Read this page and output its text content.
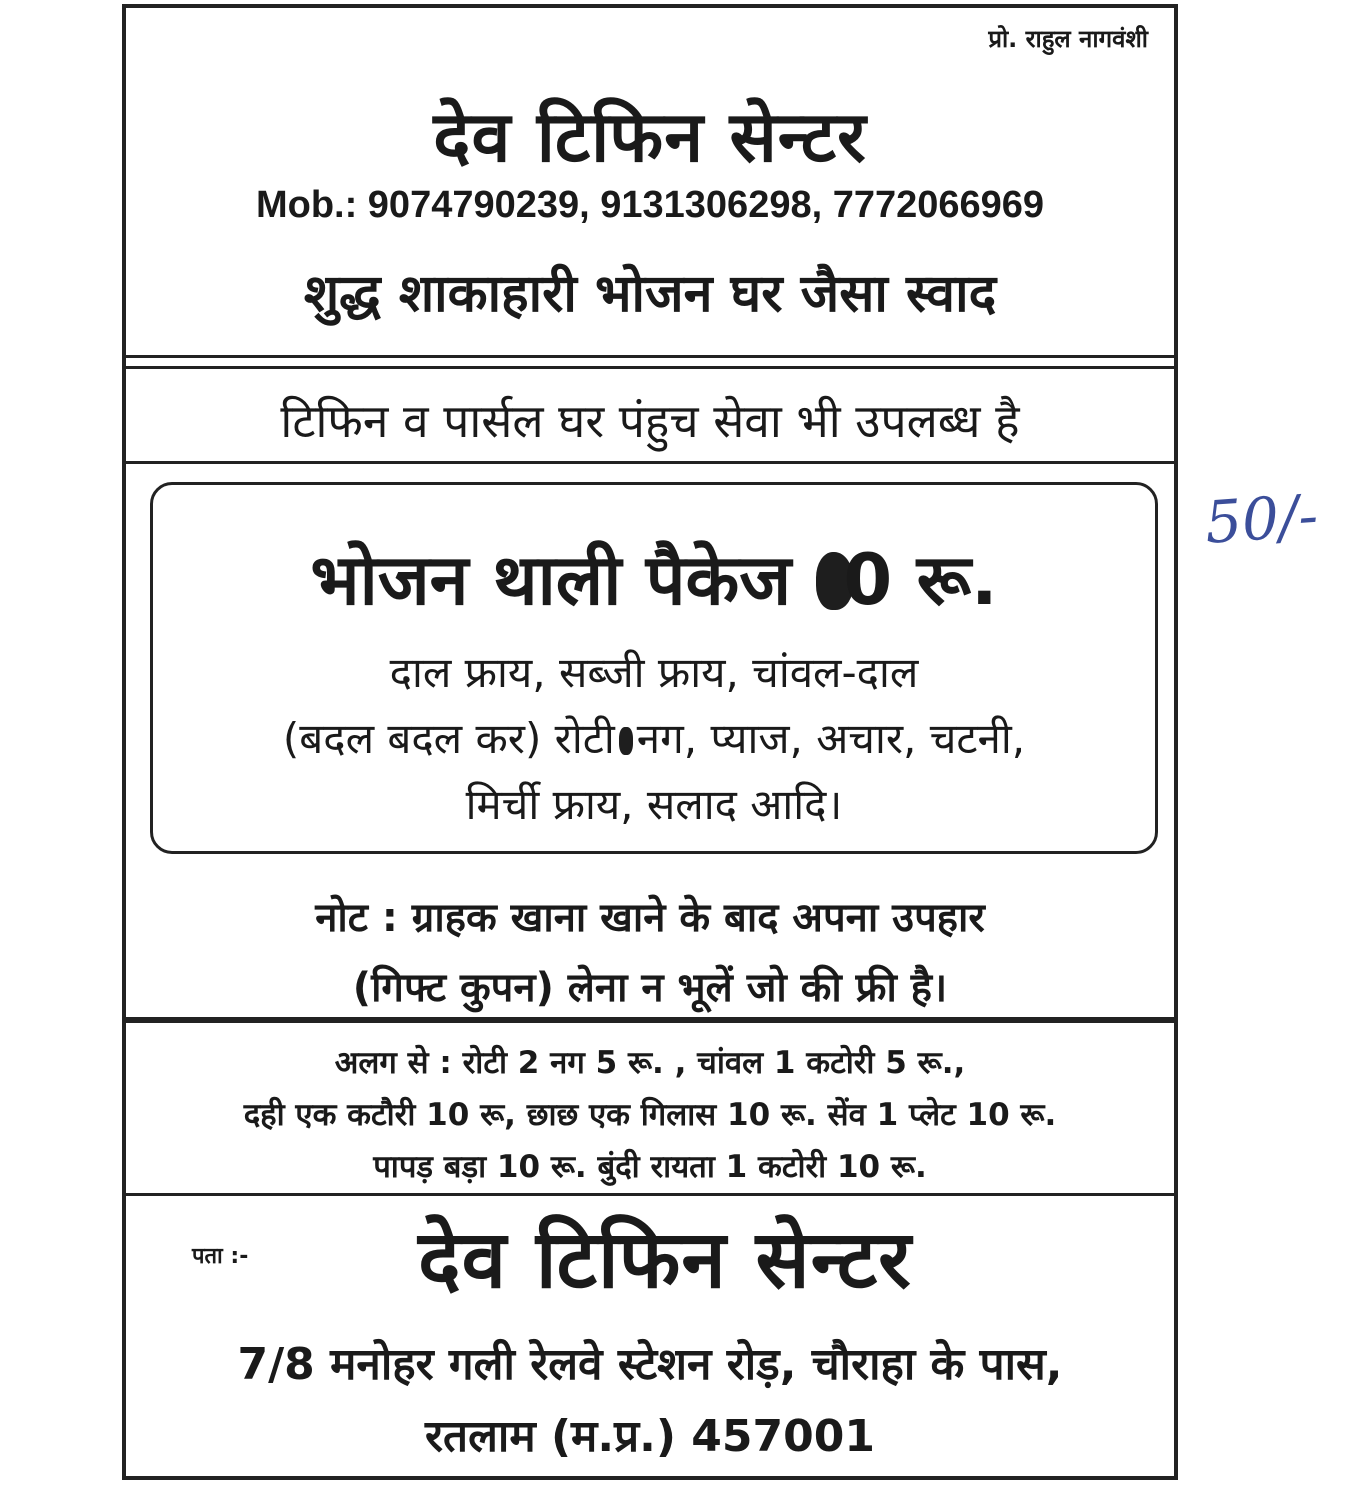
प्रो. राहुल नागवंशी
देव टिफिन सेन्टर
Mob.: 9074790239, 9131306298, 7772066969
शुद्ध शाकाहारी भोजन घर जैसा स्वाद
टिफिन व पार्सल घर पंहुच सेवा भी उपलब्ध है
भोजन थाली पैकेज 0 रू.
दाल फ्राय, सब्जी फ्राय, चांवल-दाल
(बदल बदल कर) रोटी नग, प्याज, अचार, चटनी,
मिर्ची फ्राय, सलाद आदि।
नोट : ग्राहक खाना खाने के बाद अपना उपहार
(गिफ्ट कुपन) लेना न भूलें जो की फ्री है।
अलग से : रोटी 2 नग 5 रू. , चांवल 1 कटोरी 5 रू.,
दही एक कटौरी 10 रू, छाछ एक गिलास 10 रू. सेंव 1 प्लेट 10 रू.
पापड़ बड़ा 10 रू. बुंदी रायता 1 कटोरी 10 रू.
पता :-	देव टिफिन सेन्टर
7/8 मनोहर गली रेलवे स्टेशन रोड़, चौराहा के पास,
रतलाम (म.प्र.) 457001
50/-
